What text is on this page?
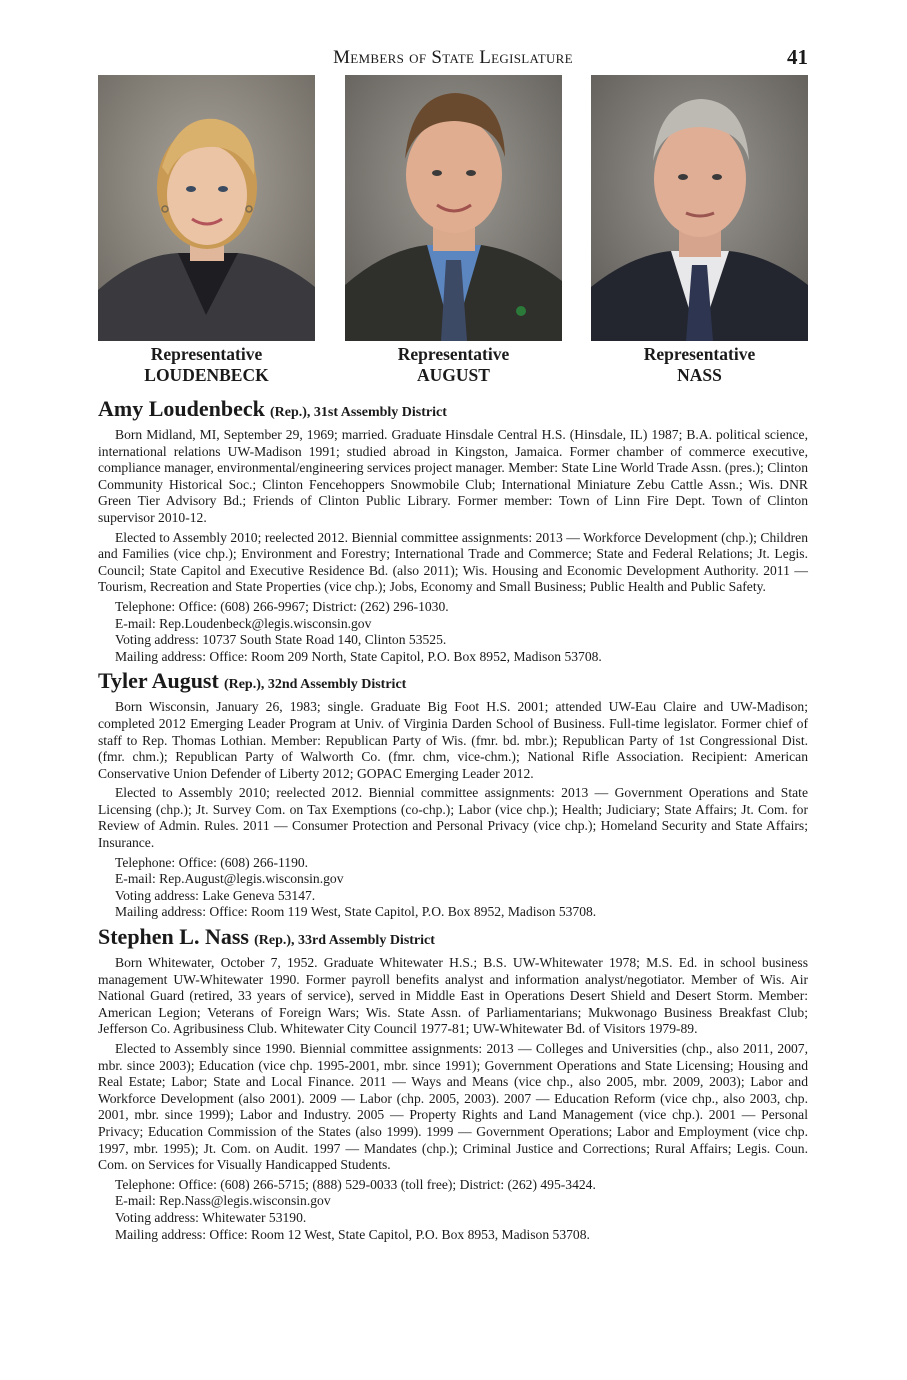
Members of State Legislature	41
Representative
LOUDENBECK
Representative
AUGUST
Representative
NASS
Amy Loudenbeck (Rep.), 31st Assembly District

Born Midland, MI, September 29, 1969; married. Graduate Hinsdale Central H.S. (Hinsdale, IL) 1987; B.A. political science, international relations UW-Madison 1991; studied abroad in Kingston, Jamaica. Former chamber of commerce executive, compliance manager, environmental/engineering services project manager. Member: State Line World Trade Assn. (pres.); Clinton Community Historical Soc.; Clinton Fencehoppers Snowmobile Club; International Miniature Zebu Cattle Assn.; Wis. DNR Green Tier Advisory Bd.; Friends of Clinton Public Library. Former member: Town of Linn Fire Dept. Town of Clinton supervisor 2010-12.

Elected to Assembly 2010; reelected 2012. Biennial committee assignments: 2013 — Workforce Development (chp.); Children and Families (vice chp.); Environment and Forestry; International Trade and Commerce; State and Federal Relations; Jt. Legis. Council; State Capitol and Executive Residence Bd. (also 2011); Wis. Housing and Economic Development Authority. 2011 — Tourism, Recreation and State Properties (vice chp.); Jobs, Economy and Small Business; Public Health and Public Safety.

Telephone: Office: (608) 266-9967; District: (262) 296-1030.

E-mail: Rep.Loudenbeck@legis.wisconsin.gov

Voting address: 10737 South State Road 140, Clinton 53525.

Mailing address: Office: Room 209 North, State Capitol, P.O. Box 8952, Madison 53708.

Tyler August (Rep.), 32nd Assembly District

Born Wisconsin, January 26, 1983; single. Graduate Big Foot H.S. 2001; attended UW-Eau Claire and UW-Madison; completed 2012 Emerging Leader Program at Univ. of Virginia Darden School of Business. Full-time legislator. Former chief of staff to Rep. Thomas Lothian. Member: Republican Party of Wis. (fmr. bd. mbr.); Republican Party of 1st Congressional Dist. (fmr. chm.); Republican Party of Walworth Co. (fmr. chm, vice-chm.); National Rifle Association. Recipient: American Conservative Union Defender of Liberty 2012; GOPAC Emerging Leader 2012.

Elected to Assembly 2010; reelected 2012. Biennial committee assignments: 2013 — Government Operations and State Licensing (chp.); Jt. Survey Com. on Tax Exemptions (co-chp.); Labor (vice chp.); Health; Judiciary; State Affairs; Jt. Com. for Review of Admin. Rules. 2011 — Consumer Protection and Personal Privacy (vice chp.); Homeland Security and State Affairs; Insurance.

Telephone: Office: (608) 266-1190.

E-mail: Rep.August@legis.wisconsin.gov

Voting address: Lake Geneva 53147.

Mailing address: Office: Room 119 West, State Capitol, P.O. Box 8952, Madison 53708.

Stephen L. Nass (Rep.), 33rd Assembly District

Born Whitewater, October 7, 1952. Graduate Whitewater H.S.; B.S. UW-Whitewater 1978; M.S. Ed. in school business management UW-Whitewater 1990. Former payroll benefits analyst and information analyst/negotiator. Member of Wis. Air National Guard (retired, 33 years of service), served in Middle East in Operations Desert Shield and Desert Storm. Member: American Legion; Veterans of Foreign Wars; Wis. State Assn. of Parliamentarians; Mukwonago Business Breakfast Club; Jefferson Co. Agribusiness Club. Whitewater City Council 1977-81; UW-Whitewater Bd. of Visitors 1979-89.

Elected to Assembly since 1990. Biennial committee assignments: 2013 — Colleges and Universities (chp., also 2011, 2007, mbr. since 2003); Education (vice chp. 1995-2001, mbr. since 1991); Government Operations and State Licensing; Housing and Real Estate; Labor; State and Local Finance. 2011 — Ways and Means (vice chp., also 2005, mbr. 2009, 2003); Labor and Workforce Development (also 2001). 2009 — Labor (chp. 2005, 2003). 2007 — Education Reform (vice chp., also 2003, chp. 2001, mbr. since 1999); Labor and Industry. 2005 — Property Rights and Land Management (vice chp.). 2001 — Personal Privacy; Education Commission of the States (also 1999). 1999 — Government Operations; Labor and Employment (vice chp. 1997, mbr. 1995); Jt. Com. on Audit. 1997 — Mandates (chp.); Criminal Justice and Corrections; Rural Affairs; Legis. Coun. Com. on Services for Visually Handicapped Students.

Telephone: Office: (608) 266-5715; (888) 529-0033 (toll free); District: (262) 495-3424.

E-mail: Rep.Nass@legis.wisconsin.gov

Voting address: Whitewater 53190.

Mailing address: Office: Room 12 West, State Capitol, P.O. Box 8953, Madison 53708.
